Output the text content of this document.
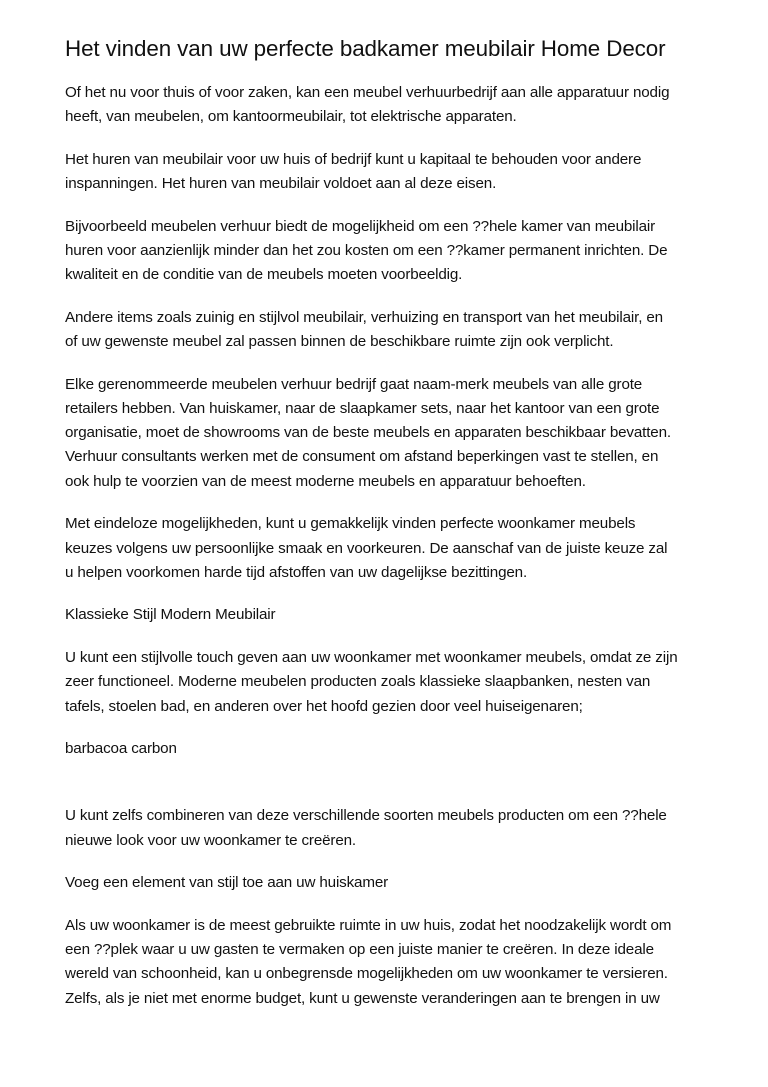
Het vinden van uw perfecte badkamer meubilair Home Decor

Of het nu voor thuis of voor zaken, kan een meubel verhuurbedrijf aan alle apparatuur nodig
heeft, van meubelen, om kantoormeubilair, tot elektrische apparaten.

Het huren van meubilair voor uw huis of bedrijf kunt u kapitaal te behouden voor andere
inspanningen. Het huren van meubilair voldoet aan al deze eisen.

Bijvoorbeeld meubelen verhuur biedt de mogelijkheid om een ??hele kamer van meubilair
huren voor aanzienlijk minder dan het zou kosten om een ??kamer permanent inrichten. De
kwaliteit en de conditie van de meubels moeten voorbeeldig.

Andere items zoals zuinig en stijlvol meubilair, verhuizing en transport van het meubilair, en
of uw gewenste meubel zal passen binnen de beschikbare ruimte zijn ook verplicht.

Elke gerenommeerde meubelen verhuur bedrijf gaat naam-merk meubels van alle grote
retailers hebben. Van huiskamer, naar de slaapkamer sets, naar het kantoor van een grote
organisatie, moet de showrooms van de beste meubels en apparaten beschikbaar bevatten.
Verhuur consultants werken met de consument om afstand beperkingen vast te stellen, en
ook hulp te voorzien van de meest moderne meubels en apparatuur behoeften.

Met eindeloze mogelijkheden, kunt u gemakkelijk vinden perfecte woonkamer meubels
keuzes volgens uw persoonlijke smaak en voorkeuren. De aanschaf van de juiste keuze zal
u helpen voorkomen harde tijd afstoffen van uw dagelijkse bezittingen.

Klassieke Stijl Modern Meubilair

U kunt een stijlvolle touch geven aan uw woonkamer met woonkamer meubels, omdat ze zijn
zeer functioneel. Moderne meubelen producten zoals klassieke slaapbanken, nesten van
tafels, stoelen bad, en anderen over het hoofd gezien door veel huiseigenaren;

barbacoa carbon

U kunt zelfs combineren van deze verschillende soorten meubels producten om een ??hele
nieuwe look voor uw woonkamer te creëren.

Voeg een element van stijl toe aan uw huiskamer

Als uw woonkamer is de meest gebruikte ruimte in uw huis, zodat het noodzakelijk wordt om
een ??plek waar u uw gasten te vermaken op een juiste manier te creëren. In deze ideale
wereld van schoonheid, kan u onbegrensde mogelijkheden om uw woonkamer te versieren.
Zelfs, als je niet met enorme budget, kunt u gewenste veranderingen aan te brengen in uw
